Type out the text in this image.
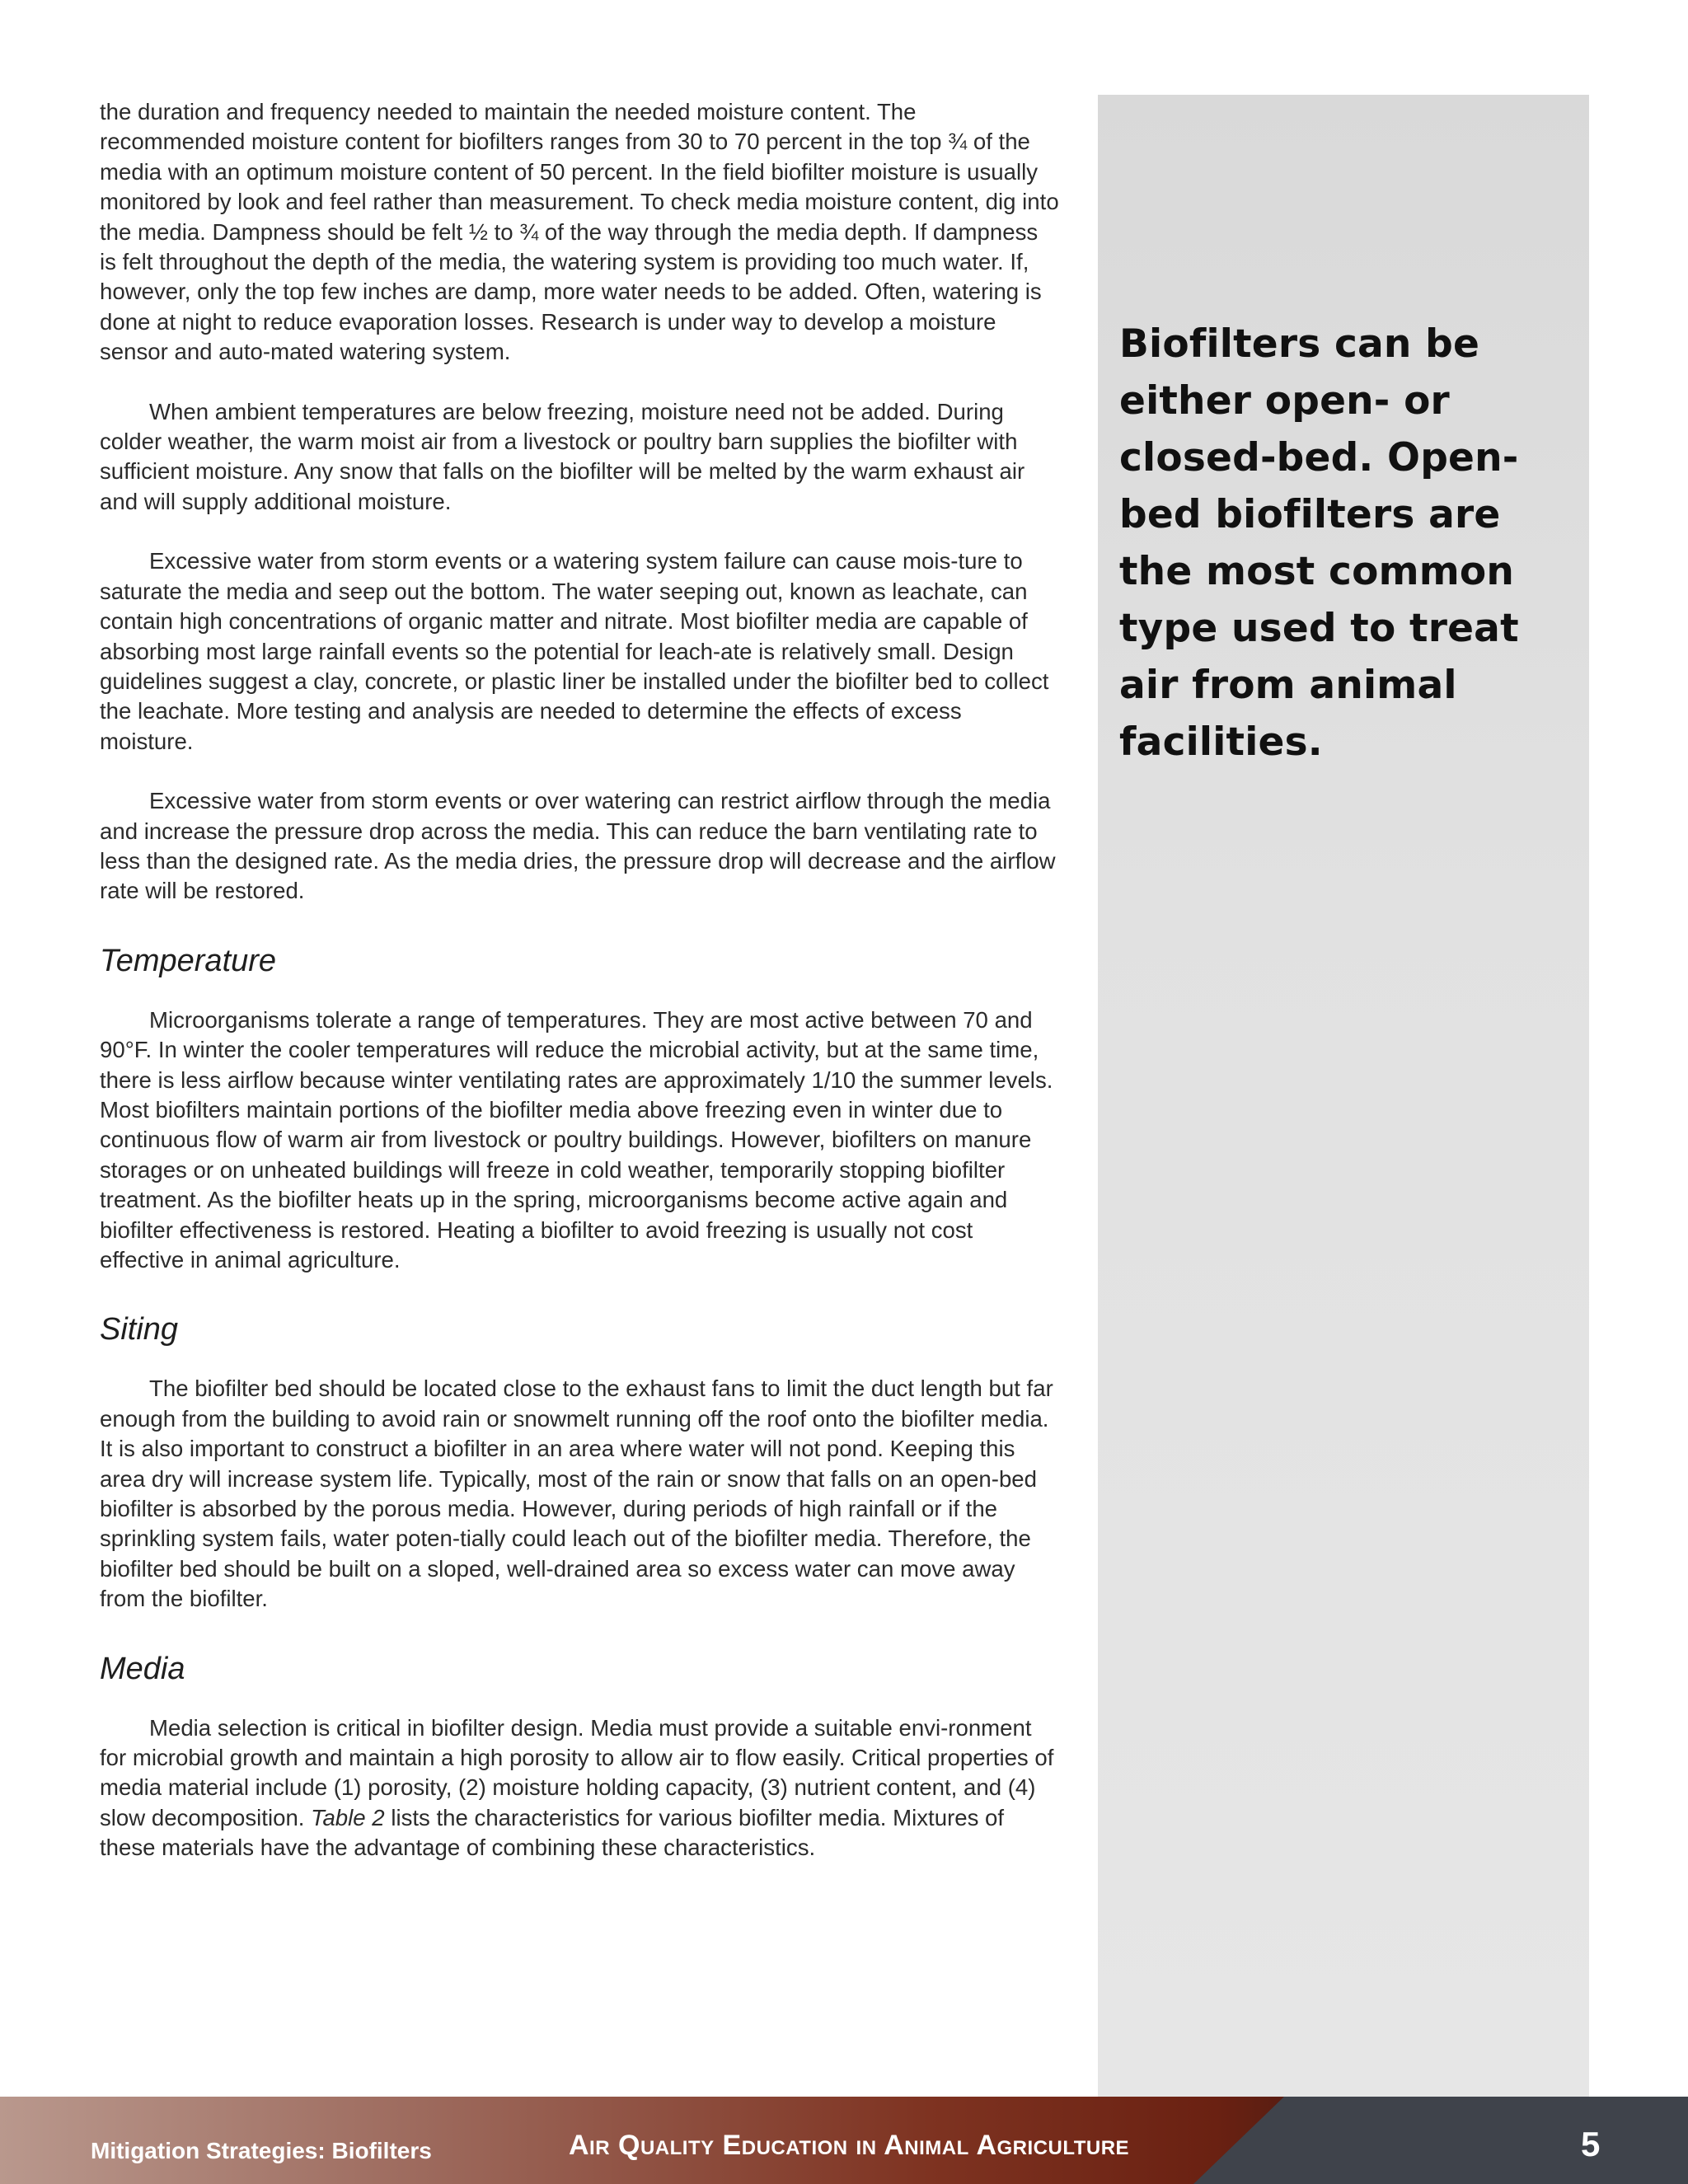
Biofilters can be either open- or closed-bed. Open-bed biofilters are the most common type used to treat air from animal facilities.

the duration and frequency needed to maintain the needed moisture content. The recommended moisture content for biofilters ranges from 30 to 70 percent in the top ¾ of the media with an optimum moisture content of 50 percent. In the field biofilter moisture is usually monitored by look and feel rather than measurement. To check media moisture content, dig into the media. Dampness should be felt ½ to ¾ of the way through the media depth. If dampness is felt throughout the depth of the media, the watering system is providing too much water. If, however, only the top few inches are damp, more water needs to be added. Often, watering is done at night to reduce evaporation losses. Research is under way to develop a moisture sensor and auto-mated watering system.

When ambient temperatures are below freezing, moisture need not be added. During colder weather, the warm moist air from a livestock or poultry barn supplies the biofilter with sufficient moisture. Any snow that falls on the biofilter will be melted by the warm exhaust air and will supply additional moisture.

Excessive water from storm events or a watering system failure can cause mois-ture to saturate the media and seep out the bottom. The water seeping out, known as leachate, can contain high concentrations of organic matter and nitrate. Most biofilter media are capable of absorbing most large rainfall events so the potential for leach-ate is relatively small. Design guidelines suggest a clay, concrete, or plastic liner be installed under the biofilter bed to collect the leachate. More testing and analysis are needed to determine the effects of excess moisture.

Excessive water from storm events or over watering can restrict airflow through the media and increase the pressure drop across the media. This can reduce the barn ventilating rate to less than the designed rate. As the media dries, the pressure drop will decrease and the airflow rate will be restored.

Temperature

Microorganisms tolerate a range of temperatures. They are most active between 70 and 90°F. In winter the cooler temperatures will reduce the microbial activity, but at the same time, there is less airflow because winter ventilating rates are approximately 1/10 the summer levels. Most biofilters maintain portions of the biofilter media above freezing even in winter due to continuous flow of warm air from livestock or poultry buildings. However, biofilters on manure storages or on unheated buildings will freeze in cold weather, temporarily stopping biofilter treatment. As the biofilter heats up in the spring, microorganisms become active again and biofilter effectiveness is restored. Heating a biofilter to avoid freezing is usually not cost effective in animal agriculture.

Siting

The biofilter bed should be located close to the exhaust fans to limit the duct length but far enough from the building to avoid rain or snowmelt running off the roof onto the biofilter media. It is also important to construct a biofilter in an area where water will not pond. Keeping this area dry will increase system life. Typically, most of the rain or snow that falls on an open-bed biofilter is absorbed by the porous media. However, during periods of high rainfall or if the sprinkling system fails, water poten-tially could leach out of the biofilter media. Therefore, the biofilter bed should be built on a sloped, well-drained area so excess water can move away from the biofilter.

Media

Media selection is critical in biofilter design. Media must provide a suitable envi-ronment for microbial growth and maintain a high porosity to allow air to flow easily. Critical properties of media material include (1) porosity, (2) moisture holding capacity, (3) nutrient content, and (4) slow decomposition. Table 2 lists the characteristics for various biofilter media. Mixtures of these materials have the advantage of combining these characteristics.

Mitigation Strategies: Biofilters	Air Quality Education in Animal Agriculture	5
